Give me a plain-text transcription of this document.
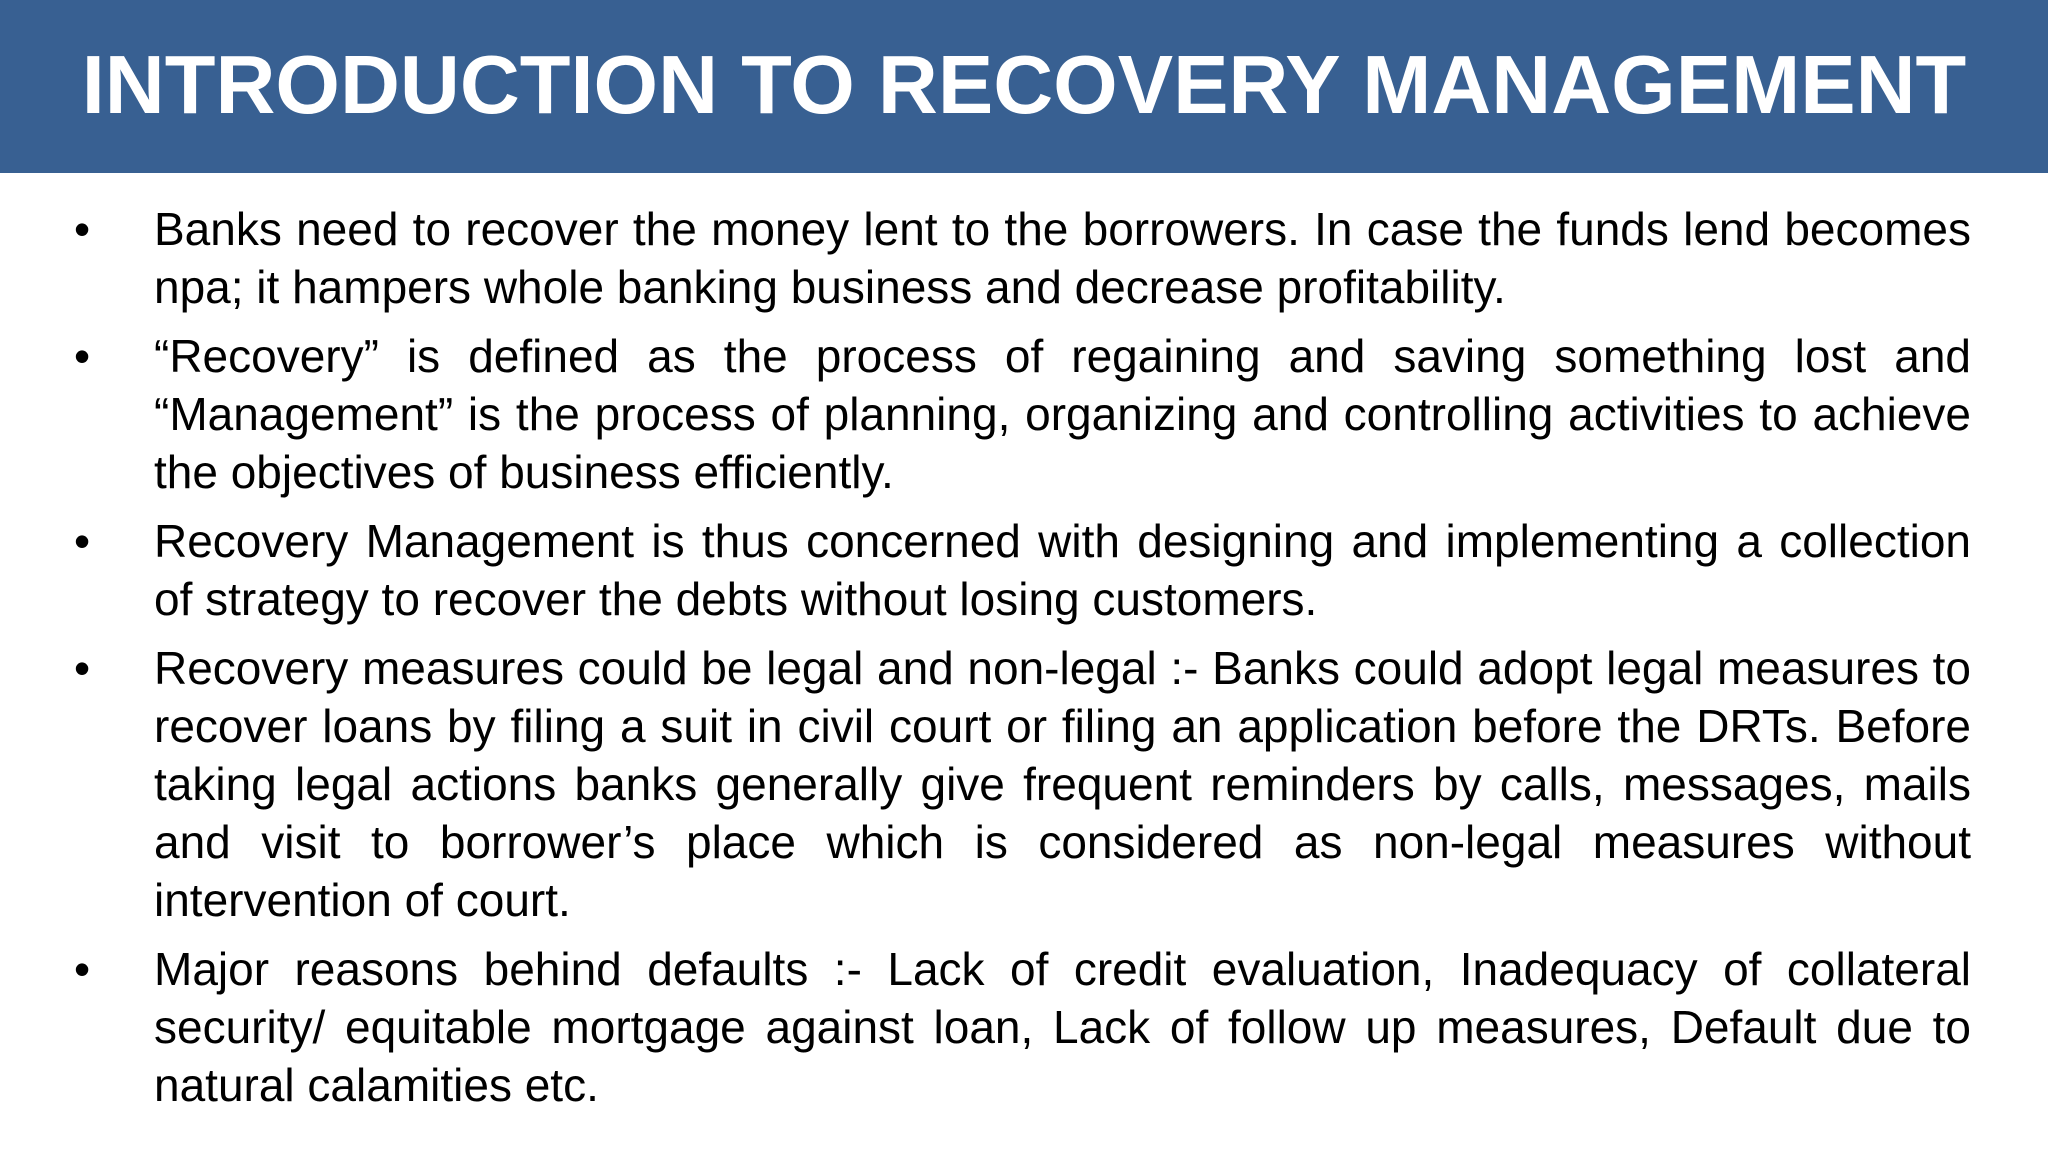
INTRODUCTION TO RECOVERY MANAGEMENT
•	Banks need to recover the money lent to the borrowers. In case the funds lend becomes npa; it hampers whole banking business and decrease profitability.
•	“Recovery” is defined as the process of regaining and saving something lost and “Management” is the process of planning, organizing and controlling activities to achieve the objectives of business efficiently.
•	Recovery Management is thus concerned with designing and implementing a collection of strategy to recover the debts without losing customers.
•	Recovery measures could be legal and non-legal :- Banks could adopt legal measures to recover loans by filing a suit in civil court or filing an application before the DRTs. Before taking legal actions banks generally give frequent reminders by calls, messages, mails and visit to borrower’s place which is considered as non-legal measures without intervention of court.
•	Major reasons behind defaults :- Lack of credit evaluation, Inadequacy of collateral security/ equitable mortgage against loan, Lack of follow up measures, Default due to natural calamities etc.
